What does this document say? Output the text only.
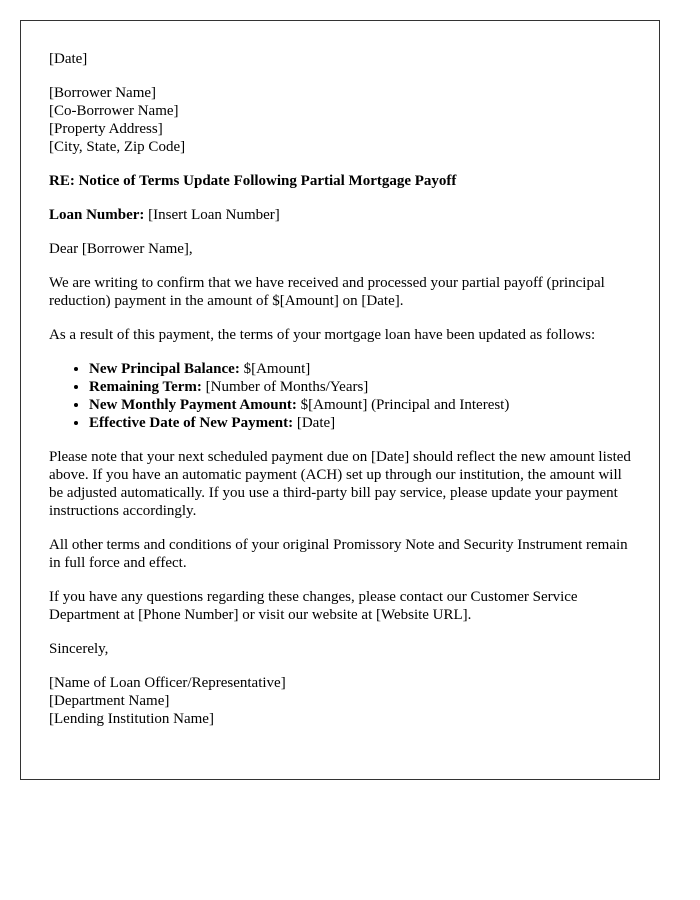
[Date]

[Borrower Name]

[Co-Borrower Name]

[Property Address]

[City, State, Zip Code]

RE: Notice of Terms Update Following Partial Mortgage Payoff

Loan Number: [Insert Loan Number]

Dear [Borrower Name],

We are writing to confirm that we have received and processed your partial payoff (principal reduction) payment in the amount of $[Amount] on [Date].

As a result of this payment, the terms of your mortgage loan have been updated as follows:

• New Principal Balance: $[Amount]
• Remaining Term: [Number of Months/Years]
• New Monthly Payment Amount: $[Amount] (Principal and Interest)
• Effective Date of New Payment: [Date]

Please note that your next scheduled payment due on [Date] should reflect the new amount listed above. If you have an automatic payment (ACH) set up through our institution, the amount will be adjusted automatically. If you use a third-party bill pay service, please update your payment instructions accordingly.

All other terms and conditions of your original Promissory Note and Security Instrument remain in full force and effect.

If you have any questions regarding these changes, please contact our Customer Service Department at [Phone Number] or visit our website at [Website URL].

Sincerely,

[Name of Loan Officer/Representative]

[Department Name]

[Lending Institution Name]
